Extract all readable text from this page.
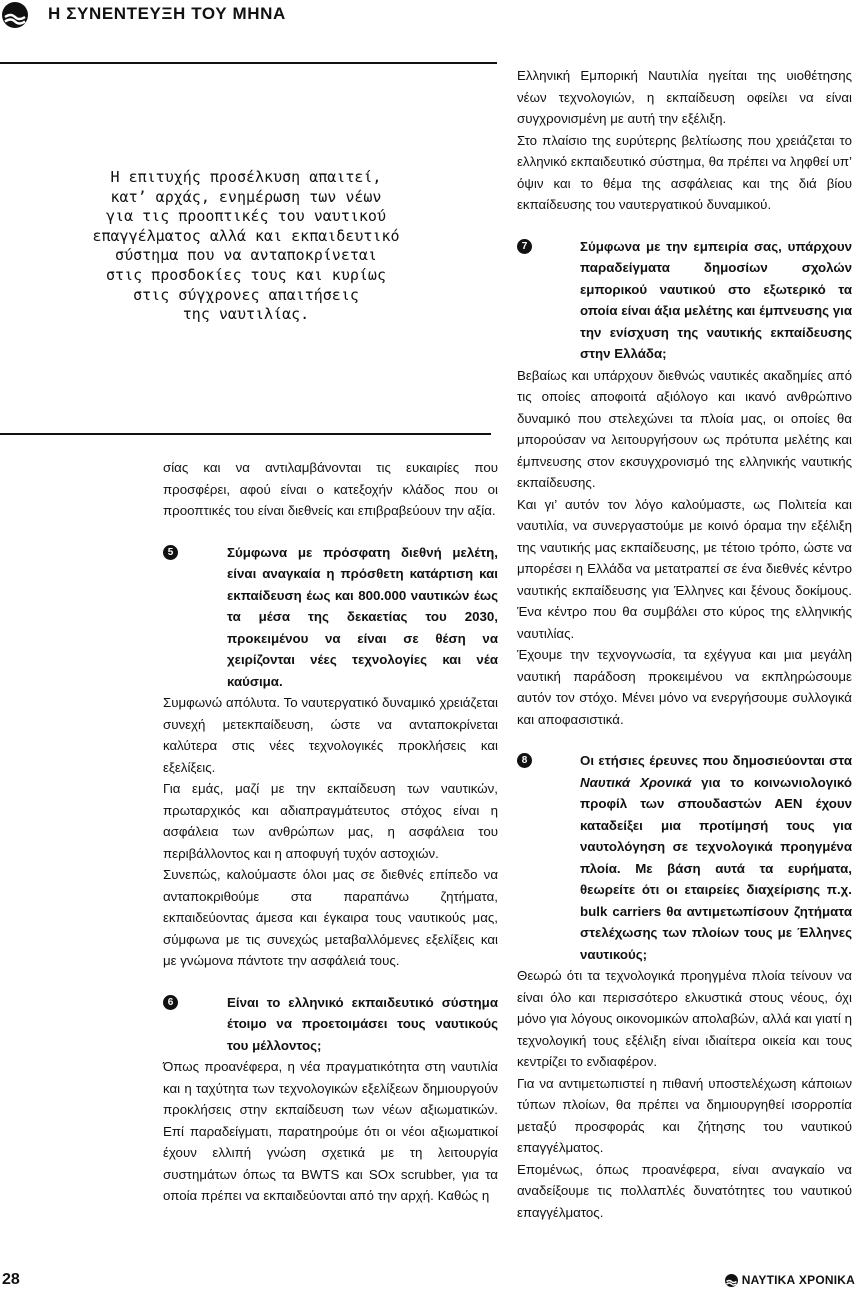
Η ΣΥΝΕΝΤΕΥΞΗ ΤΟΥ ΜΗΝΑ
Η επιτυχής προσέλκυση απαιτεί,
κατ’ αρχάς, ενημέρωση των νέων
για τις προοπτικές του ναυτικού
επαγγέλματος αλλά και εκπαιδευτικό
σύστημα που να ανταποκρίνεται
στις προσδοκίες τους και κυρίως
στις σύγχρονες απαιτήσεις
της ναυτιλίας.

σίας και να αντιλαμβάνονται τις ευκαιρίες που προσφέρει, αφού είναι ο κατεξοχήν κλάδος που οι προοπτικές του είναι διεθνείς και επιβραβεύουν την αξία.

5	Σύμφωνα με πρόσφατη διεθνή μελέτη, είναι αναγκαία η πρόσθετη κατάρτιση και εκπαίδευση έως και 800.000 ναυτικών έως τα μέσα της δεκαετίας του 2030, προκειμένου να είναι σε θέση να χειρίζονται νέες τεχνολογίες και νέα καύσιμα.

Συμφωνώ απόλυτα. Το ναυτεργατικό δυναμικό χρειάζεται συνεχή μετεκπαίδευση, ώστε να ανταποκρίνεται καλύτερα στις νέες τεχνολογικές προκλήσεις και εξελίξεις.

Για εμάς, μαζί με την εκπαίδευση των ναυτικών, πρωταρχικός και αδιαπραγμάτευτος στόχος είναι η ασφάλεια των ανθρώπων μας, η ασφάλεια του περιβάλλοντος και η αποφυγή τυχόν αστοχιών.

Συνεπώς, καλούμαστε όλοι μας σε διεθνές επίπεδο να ανταποκριθούμε στα παραπάνω ζητήματα, εκπαιδεύοντας άμεσα και έγκαιρα τους ναυτικούς μας, σύμφωνα με τις συνεχώς μεταβαλλόμενες εξελίξεις και με γνώμονα πάντοτε την ασφάλειά τους.

6	Είναι το ελληνικό εκπαιδευτικό σύστημα έτοιμο να προετοιμάσει τους ναυτικούς του μέλλοντος;

Όπως προανέφερα, η νέα πραγματικότητα στη ναυτιλία και η ταχύτητα των τεχνολογικών εξελίξεων δημιουργούν προκλήσεις στην εκπαίδευση των νέων αξιωματικών. Επί παραδείγματι, παρατηρούμε ότι οι νέοι αξιωματικοί έχουν ελλιπή γνώση σχετικά με τη λειτουργία συστημάτων όπως τα BWTS και SOx scrubber, για τα οποία πρέπει να εκπαιδεύονται από την αρχή. Καθώς η

Ελληνική Εμπορική Ναυτιλία ηγείται της υιοθέτησης νέων τεχνολογιών, η εκπαίδευση οφείλει να είναι συγχρονισμένη με αυτή την εξέλιξη.

Στο πλαίσιο της ευρύτερης βελτίωσης που χρειάζεται το ελληνικό εκπαιδευτικό σύστημα, θα πρέπει να ληφθεί υπ’ όψιν και το θέμα της ασφάλειας και της διά βίου εκπαίδευσης του ναυτεργατικού δυναμικού.

7	Σύμφωνα με την εμπειρία σας, υπάρχουν παραδείγματα δημοσίων σχολών εμπορικού ναυτικού στο εξωτερικό τα οποία είναι άξια μελέτης και έμπνευσης για την ενίσχυση της ναυτικής εκπαίδευσης στην Ελλάδα;

Βεβαίως και υπάρχουν διεθνώς ναυτικές ακαδημίες από τις οποίες αποφοιτά αξιόλογο και ικανό ανθρώπινο δυναμικό που στελεχώνει τα πλοία μας, οι οποίες θα μπορούσαν να λειτουργήσουν ως πρότυπα μελέτης και έμπνευσης στον εκσυγχρονισμό της ελληνικής ναυτικής εκπαίδευσης.

Και γι’ αυτόν τον λόγο καλούμαστε, ως Πολιτεία και ναυτιλία, να συνεργαστούμε με κοινό όραμα την εξέλιξη της ναυτικής μας εκπαίδευσης, με τέτοιο τρόπο, ώστε να μπορέσει η Ελλάδα να μετατραπεί σε ένα διεθνές κέντρο ναυτικής εκπαίδευσης για Έλληνες και ξένους δοκίμους. Ένα κέντρο που θα συμβάλει στο κύρος της ελληνικής ναυτιλίας.

Έχουμε την τεχνογνωσία, τα εχέγγυα και μια μεγάλη ναυτική παράδοση προκειμένου να εκπληρώσουμε αυτόν τον στόχο. Μένει μόνο να ενεργήσουμε συλλογικά και αποφασιστικά.

8	Οι ετήσιες έρευνες που δημοσιεύονται στα Ναυτικά Χρονικά για το κοινωνιολογικό προφίλ των σπουδαστών ΑΕΝ έχουν καταδείξει μια προτίμησή τους για ναυτολόγηση σε τεχνολογικά προηγμένα πλοία. Με βάση αυτά τα ευρήματα, θεωρείτε ότι οι εταιρείες διαχείρισης π.χ. bulk carriers θα αντιμετωπίσουν ζητήματα στελέχωσης των πλοίων τους με Έλληνες ναυτικούς;

Θεωρώ ότι τα τεχνολογικά προηγμένα πλοία τείνουν να είναι όλο και περισσότερο ελκυστικά στους νέους, όχι μόνο για λόγους οικονομικών απολαβών, αλλά και γιατί η τεχνολογική τους εξέλιξη είναι ιδιαίτερα οικεία και τους κεντρίζει το ενδιαφέρον.

Για να αντιμετωπιστεί η πιθανή υποστελέχωση κάποιων τύπων πλοίων, θα πρέπει να δημιουργηθεί ισορροπία μεταξύ προσφοράς και ζήτησης του ναυτικού επαγγέλματος.

Επομένως, όπως προανέφερα, είναι αναγκαίο να αναδείξουμε τις πολλαπλές δυνατότητες του ναυτικού επαγγέλματος.

28	ΝΑΥΤΙΚΑ ΧΡΟΝΙΚΑ
